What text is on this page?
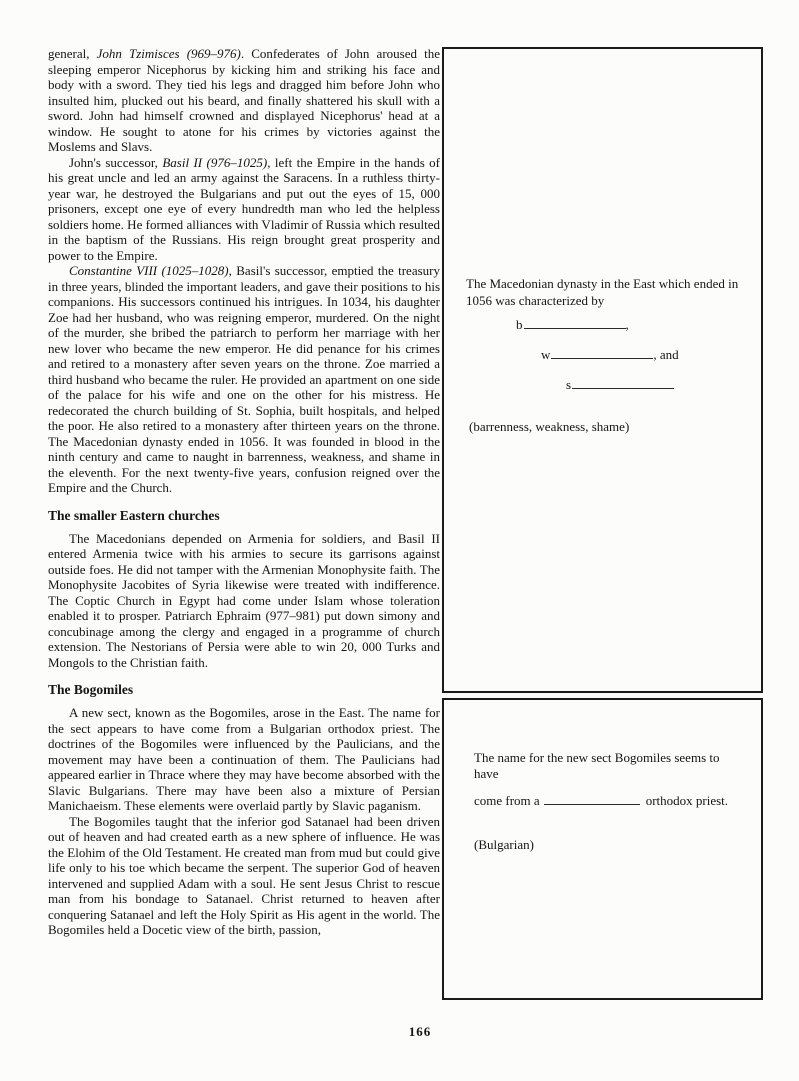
general, John Tzimisces (969–976). Confederates of John aroused the sleeping emperor Nicephorus by kicking him and striking his face and body with a sword. They tied his legs and dragged him before John who insulted him, plucked out his beard, and finally shattered his skull with a sword. John had himself crowned and displayed Nicephorus' head at a window. He sought to atone for his crimes by victories against the Moslems and Slavs.

John's successor, Basil II (976–1025), left the Empire in the hands of his great uncle and led an army against the Saracens. In a ruthless thirty-year war, he destroyed the Bulgarians and put out the eyes of 15, 000 prisoners, except one eye of every hundredth man who led the helpless soldiers home. He formed alliances with Vladimir of Russia which resulted in the baptism of the Russians. His reign brought great prosperity and power to the Empire.

Constantine VIII (1025–1028), Basil's successor, emptied the treasury in three years, blinded the important leaders, and gave their positions to his companions. His successors continued his intrigues. In 1034, his daughter Zoe had her husband, who was reigning emperor, murdered. On the night of the murder, she bribed the patriarch to perform her marriage with her new lover who became the new emperor. He did penance for his crimes and retired to a monastery after seven years on the throne. Zoe married a third husband who became the ruler. He provided an apartment on one side of the palace for his wife and one on the other for his mistress. He redecorated the church building of St. Sophia, built hospitals, and helped the poor. He also retired to a monastery after thirteen years on the throne. The Macedonian dynasty ended in 1056. It was founded in blood in the ninth century and came to naught in barrenness, weakness, and shame in the eleventh. For the next twenty-five years, confusion reigned over the Empire and the Church.

The smaller Eastern churches

The Macedonians depended on Armenia for soldiers, and Basil II entered Armenia twice with his armies to secure its garrisons against outside foes. He did not tamper with the Armenian Monophysite faith. The Monophysite Jacobites of Syria likewise were treated with indifference. The Coptic Church in Egypt had come under Islam whose toleration enabled it to prosper. Patriarch Ephraim (977–981) put down simony and concubinage among the clergy and engaged in a programme of church extension. The Nestorians of Persia were able to win 20, 000 Turks and Mongols to the Christian faith.

The Bogomiles

A new sect, known as the Bogomiles, arose in the East. The name for the sect appears to have come from a Bulgarian orthodox priest. The doctrines of the Bogomiles were influenced by the Paulicians, and the movement may have been a continuation of them. The Paulicians had appeared earlier in Thrace where they may have become absorbed with the Slavic Bulgarians. There may have been also a mixture of Persian Manichaeism. These elements were overlaid partly by Slavic paganism.

The Bogomiles taught that the inferior god Satanael had been driven out of heaven and had created earth as a new sphere of influence. He was the Elohim of the Old Testament. He created man from mud but could give life only to his toe which became the serpent. The superior God of heaven intervened and supplied Adam with a soul. He sent Jesus Christ to rescue man from his bondage to Satanael. Christ returned to heaven after conquering Satanael and left the Holy Spirit as His agent in the world. The Bogomiles held a Docetic view of the birth, passion,

The Macedonian dynasty in the East which ended in 1056 was characterized by
b	,
w	, and
s
(barrenness, weakness, shame)

The name for the new sect Bogomiles seems to have

come from a	orthodox priest.

(Bulgarian)

166
